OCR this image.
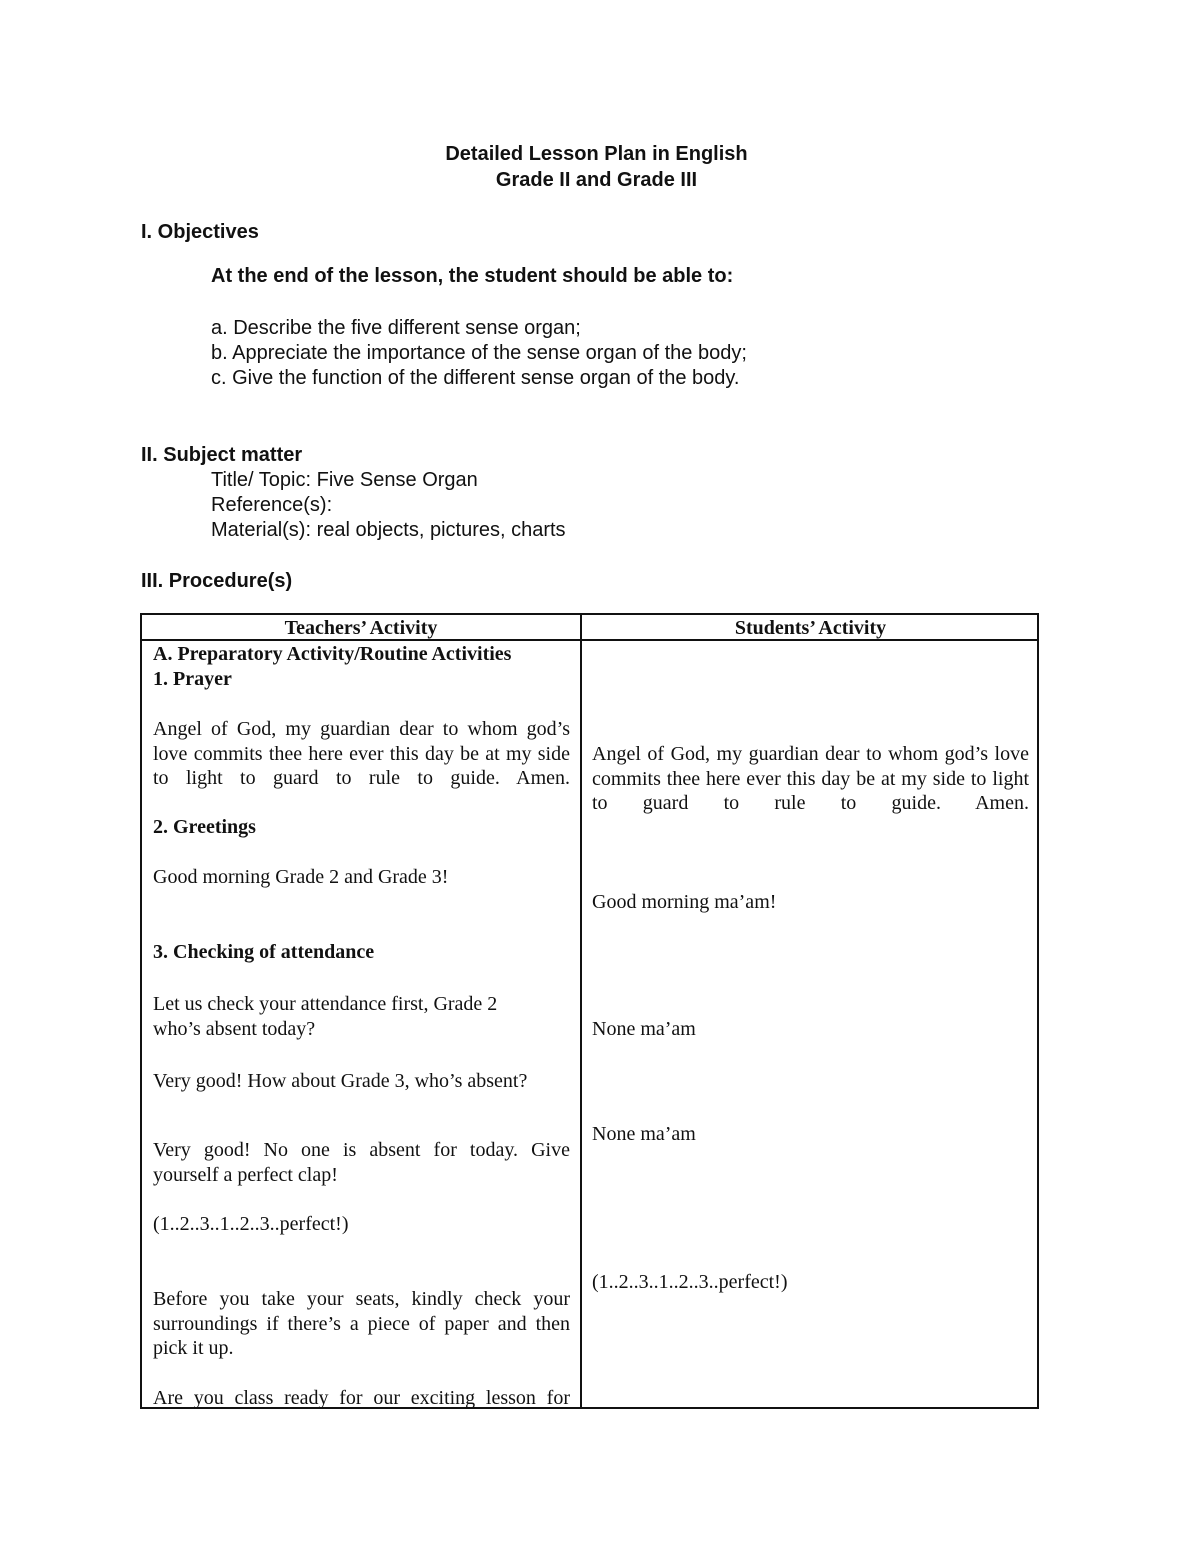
Detailed Lesson Plan in English
Grade II and Grade III
I. Objectives
At the end of the lesson, the student should be able to:
a. Describe the five different sense organ;
b. Appreciate the importance of the sense organ of the body;
c. Give the function of the different sense organ of the body.
II. Subject matter
Title/ Topic: Five Sense Organ
Reference(s):
Material(s): real objects, pictures, charts
III. Procedure(s)
Teachers’ Activity	Students’ Activity
A. Preparatory Activity/Routine Activities
1. Prayer
Angel of God, my guardian dear to whom god’s love commits thee here ever this day be at my side to light to guard to rule to guide. Amen.
2. Greetings
Good morning Grade 2 and Grade 3!
3. Checking of attendance
Let us check your attendance first, Grade 2 who’s absent today?
Very good! How about Grade 3, who’s absent?
Very good! No one is absent for today. Give yourself a perfect clap!
(1..2..3..1..2..3..perfect!)
Before you take your seats, kindly check your surroundings if there’s a piece of paper and then pick it up.
Are you class ready for our exciting lesson for
Angel of God, my guardian dear to whom god’s love commits thee here ever this day be at my side to light to guard to rule to guide. Amen.
Good morning ma’am!
None ma’am
None ma’am
(1..2..3..1..2..3..perfect!)
